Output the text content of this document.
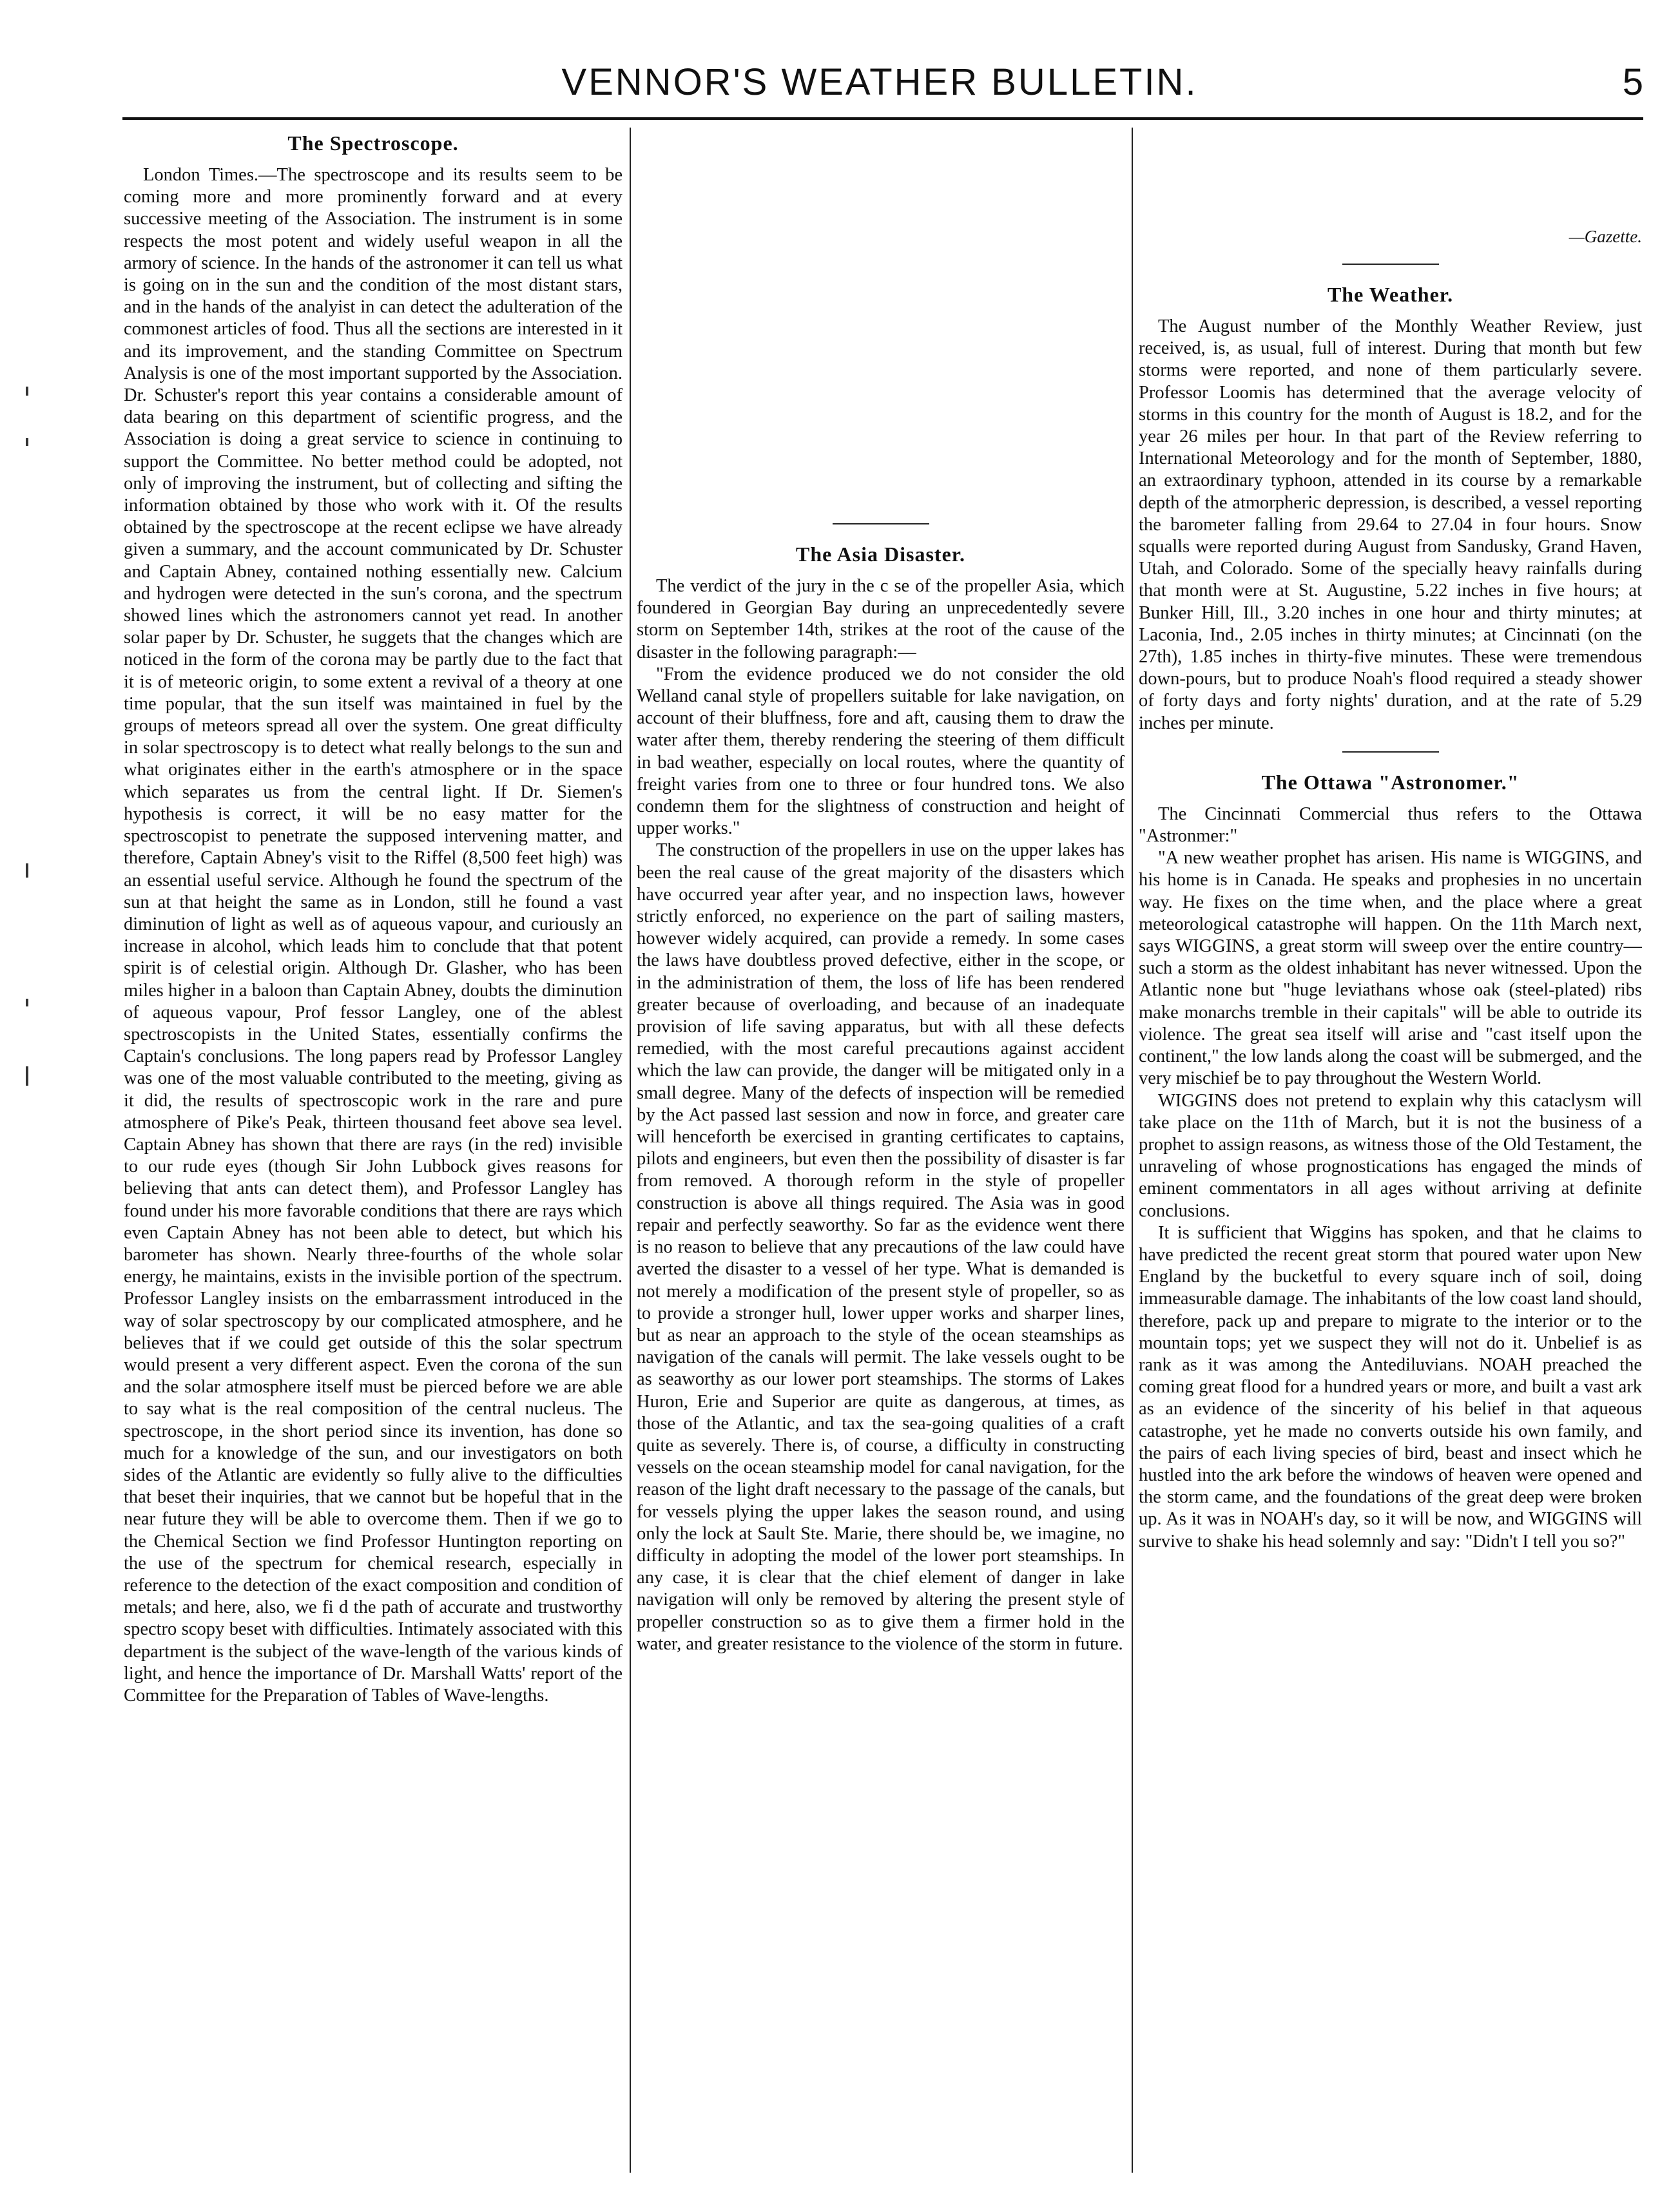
VENNOR'S WEATHER BULLETIN.	5
The Spectroscope.

London Times.—The spectroscope and its results seem to be coming more and more prominently forward and at every successive meeting of the Association. The instrument is in some respects the most potent and widely useful weapon in all the armory of science. In the hands of the astronomer it can tell us what is going on in the sun and the condition of the most distant stars, and in the hands of the analyist in can detect the adulteration of the commonest articles of food. Thus all the sections are interested in it and its improvement, and the standing Committee on Spectrum Analysis is one of the most important supported by the Association. Dr. Schuster's report this year contains a considerable amount of data bearing on this department of scientific progress, and the Association is doing a great service to science in continuing to support the Committee. No better method could be adopted, not only of improving the instrument, but of collecting and sifting the information obtained by those who work with it. Of the results obtained by the spectroscope at the recent eclipse we have already given a summary, and the account communicated by Dr. Schuster and Captain Abney, contained nothing essentially new. Calcium and hydrogen were detected in the sun's corona, and the spectrum showed lines which the astronomers cannot yet read. In another solar paper by Dr. Schuster, he suggets that the changes which are noticed in the form of the corona may be partly due to the fact that it is of meteoric origin, to some extent a revival of a theory at one time popular, that the sun itself was maintained in fuel by the groups of meteors spread all over the system. One great difficulty in solar spectroscopy is to detect what really belongs to the sun and what originates either in the earth's atmosphere or in the space which separates us from the central light. If Dr. Siemen's hypothesis is correct, it will be no easy matter for the spectroscopist to penetrate the supposed intervening matter, and therefore, Captain Abney's visit to the Riffel (8,500 feet high) was an essential useful service. Although he found the spectrum of the sun at that height the same as in London, still he found a vast diminution of light as well as of aqueous vapour, and curiously an increase in alcohol, which leads him to conclude that that potent spirit is of celestial origin. Although Dr. Glasher, who has been miles higher in a baloon than Captain Abney, doubts the diminution of aqueous vapour, Prof fessor Langley, one of the ablest spectroscopists in the United States, essentially confirms the Captain's conclusions. The long papers read by Professor Langley was one of the most valuable contributed to the meeting, giving as it did, the results of spectroscopic work in the rare and pure atmosphere of Pike's Peak, thirteen thousand feet above sea level. Captain Abney has shown that there are rays (in the red) invisible to our rude eyes (though Sir John Lubbock gives reasons for believing that ants can detect them), and Professor Langley has found under his more favorable conditions that there are rays which even Captain Abney has not been able to detect, but which his barometer has shown. Nearly three-fourths of the whole solar energy, he maintains, exists in the invisible portion of the spectrum. Professor Langley insists on the embarrassment introduced in the way of solar spectroscopy by our complicated atmosphere, and he believes that if we could get outside of this the solar spectrum would present a very different aspect. Even the corona of the sun and the solar atmosphere itself must be pierced before we are able to say what is the real composition of the central nucleus. The spectroscope, in the short period since its invention, has done so much for a knowledge of the sun, and our investigators on both sides of the Atlantic are evidently so fully alive to the difficulties that beset their inquiries, that we cannot but be hopeful that in the near future they will be able to overcome them. Then if we go to the Chemical Section we find Professor Huntington reporting on the use of the spectrum for chemical research, especially in reference to the detection of the exact composition and condition of metals; and here, also, we fi d the path of accurate and trustworthy spectro scopy beset with difficulties. Intimately associated with this department is the subject of the wave-length of the various kinds of light, and hence the importance of Dr. Marshall Watts' report of the Committee for the Preparation of Tables of Wave-lengths.

The Asia Disaster.

The verdict of the jury in the c se of the propeller Asia, which foundered in Georgian Bay during an unprecedentedly severe storm on September 14th, strikes at the root of the cause of the disaster in the following paragraph:—

"From the evidence produced we do not consider the old Welland canal style of propellers suitable for lake navigation, on account of their bluffness, fore and aft, causing them to draw the water after them, thereby rendering the steering of them difficult in bad weather, especially on local routes, where the quantity of freight varies from one to three or four hundred tons. We also condemn them for the slightness of construction and height of upper works."

The construction of the propellers in use on the upper lakes has been the real cause of the great majority of the disasters which have occurred year after year, and no inspection laws, however strictly enforced, no experience on the part of sailing masters, however widely acquired, can provide a remedy. In some cases the laws have doubtless proved defective, either in the scope, or in the administration of them, the loss of life has been rendered greater because of overloading, and because of an inadequate provision of life saving apparatus, but with all these defects remedied, with the most careful precautions against accident which the law can provide, the danger will be mitigated only in a small degree. Many of the defects of inspection will be remedied by the Act passed last session and now in force, and greater care will henceforth be exercised in granting certificates to captains, pilots and engineers, but even then the possibility of disaster is far from removed. A thorough reform in the style of propeller construction is above all things required. The Asia was in good repair and perfectly seaworthy. So far as the evidence went there is no reason to believe that any precautions of the law could have averted the disaster to a vessel of her type. What is demanded is not merely a modification of the present style of propeller, so as to provide a stronger hull, lower upper works and sharper lines, but as near an approach to the style of the ocean steamships as navigation of the canals will permit. The lake vessels ought to be as seaworthy as our lower port steamships. The storms of Lakes Huron, Erie and Superior are quite as dangerous, at times, as those of the Atlantic, and tax the sea-going qualities of a craft quite as severely. There is, of course, a difficulty in constructing vessels on the ocean steamship model for canal navigation, for the reason of the light draft necessary to the passage of the canals, but for vessels plying the upper lakes the season round, and using only the lock at Sault Ste. Marie, there should be, we imagine, no difficulty in adopting the model of the lower port steamships. In any case, it is clear that the chief element of danger in lake navigation will only be removed by altering the present style of propeller construction so as to give them a firmer hold in the water, and greater resistance to the violence of the storm in future.

—Gazette.
The Weather.

The August number of the Monthly Weather Review, just received, is, as usual, full of interest. During that month but few storms were reported, and none of them particularly severe. Professor Loomis has determined that the average velocity of storms in this country for the month of August is 18.2, and for the year 26 miles per hour. In that part of the Review referring to International Meteorology and for the month of September, 1880, an extraordinary typhoon, attended in its course by a remarkable depth of the atmorpheric depression, is described, a vessel reporting the barometer falling from 29.64 to 27.04 in four hours. Snow squalls were reported during August from Sandusky, Grand Haven, Utah, and Colorado. Some of the specially heavy rainfalls during that month were at St. Augustine, 5.22 inches in five hours; at Bunker Hill, Ill., 3.20 inches in one hour and thirty minutes; at Laconia, Ind., 2.05 inches in thirty minutes; at Cincinnati (on the 27th), 1.85 inches in thirty-five minutes. These were tremendous down-pours, but to produce Noah's flood required a steady shower of forty days and forty nights' duration, and at the rate of 5.29 inches per minute.

The Ottawa "Astronomer."

The Cincinnati Commercial thus refers to the Ottawa "Astronmer:"

"A new weather prophet has arisen. His name is WIGGINS, and his home is in Canada. He speaks and prophesies in no uncertain way. He fixes on the time when, and the place where a great meteorological catastrophe will happen. On the 11th March next, says WIGGINS, a great storm will sweep over the entire country—such a storm as the oldest inhabitant has never witnessed. Upon the Atlantic none but "huge leviathans whose oak (steel-plated) ribs make monarchs tremble in their capitals" will be able to outride its violence. The great sea itself will arise and "cast itself upon the continent," the low lands along the coast will be submerged, and the very mischief be to pay throughout the Western World.

WIGGINS does not pretend to explain why this cataclysm will take place on the 11th of March, but it is not the business of a prophet to assign reasons, as witness those of the Old Testament, the unraveling of whose prognostications has engaged the minds of eminent commentators in all ages without arriving at definite conclusions.

It is sufficient that Wiggins has spoken, and that he claims to have predicted the recent great storm that poured water upon New England by the bucketful to every square inch of soil, doing immeasurable damage. The inhabitants of the low coast land should, therefore, pack up and prepare to migrate to the interior or to the mountain tops; yet we suspect they will not do it. Unbelief is as rank as it was among the Antediluvians. NOAH preached the coming great flood for a hundred years or more, and built a vast ark as an evidence of the sincerity of his belief in that aqueous catastrophe, yet he made no converts outside his own family, and the pairs of each living species of bird, beast and insect which he hustled into the ark before the windows of heaven were opened and the storm came, and the foundations of the great deep were broken up. As it was in NOAH's day, so it will be now, and WIGGINS will survive to shake his head solemnly and say: "Didn't I tell you so?"
